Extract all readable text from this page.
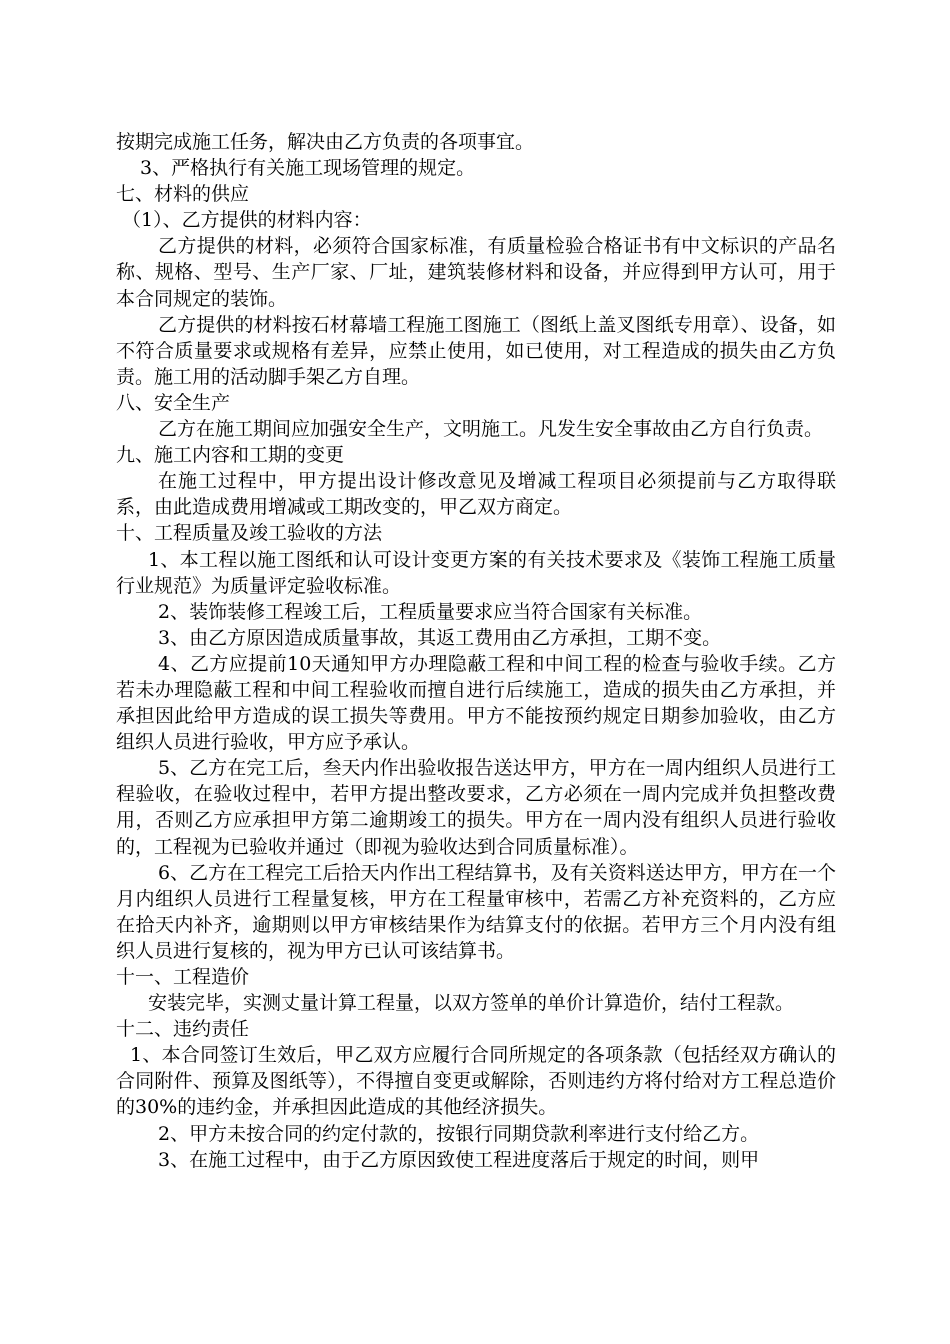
按期完成施工任务，解决由乙方负责的各项事宜。

3、严格执行有关施工现场管理的规定。

七、材料的供应

（1）、乙方提供的材料内容：

乙方提供的材料，必须符合国家标准，有质量检验合格证书有中文标识的产品名称、规格、型号、生产厂家、厂址，建筑装修材料和设备，并应得到甲方认可，用于本合同规定的装饰。

乙方提供的材料按石材幕墙工程施工图施工（图纸上盖叉图纸专用章）、设备，如不符合质量要求或规格有差异，应禁止使用，如已使用，对工程造成的损失由乙方负责。施工用的活动脚手架乙方自理。

八、安全生产

乙方在施工期间应加强安全生产，文明施工。凡发生安全事故由乙方自行负责。

九、施工内容和工期的变更

在施工过程中，甲方提出设计修改意见及增减工程项目必须提前与乙方取得联系，由此造成费用增减或工期改变的，甲乙双方商定。

十、工程质量及竣工验收的方法

1、本工程以施工图纸和认可设计变更方案的有关技术要求及《装饰工程施工质量行业规范》为质量评定验收标准。

2、装饰装修工程竣工后，工程质量要求应当符合国家有关标准。

3、由乙方原因造成质量事故，其返工费用由乙方承担，工期不变。

4、乙方应提前10天通知甲方办理隐蔽工程和中间工程的检查与验收手续。乙方若未办理隐蔽工程和中间工程验收而擅自进行后续施工，造成的损失由乙方承担，并承担因此给甲方造成的误工损失等费用。甲方不能按预约规定日期参加验收，由乙方组织人员进行验收，甲方应予承认。

5、乙方在完工后，叁天内作出验收报告送达甲方，甲方在一周内组织人员进行工程验收，在验收过程中，若甲方提出整改要求，乙方必须在一周内完成并负担整改费用，否则乙方应承担甲方第二逾期竣工的损失。甲方在一周内没有组织人员进行验收的，工程视为已验收并通过（即视为验收达到合同质量标准）。

6、乙方在工程完工后拾天内作出工程结算书，及有关资料送达甲方，甲方在一个月内组织人员进行工程量复核，甲方在工程量审核中，若需乙方补充资料的，乙方应在拾天内补齐，逾期则以甲方审核结果作为结算支付的依据。若甲方三个月内没有组织人员进行复核的，视为甲方已认可该结算书。

十一、工程造价

安装完毕，实测丈量计算工程量，以双方签单的单价计算造价，结付工程款。

十二、违约责任

1、本合同签订生效后，甲乙双方应履行合同所规定的各项条款（包括经双方确认的合同附件、预算及图纸等），不得擅自变更或解除，否则违约方将付给对方工程总造价的30%的违约金，并承担因此造成的其他经济损失。

2、甲方未按合同的约定付款的，按银行同期贷款利率进行支付给乙方。

3、在施工过程中，由于乙方原因致使工程进度落后于规定的时间，则甲
